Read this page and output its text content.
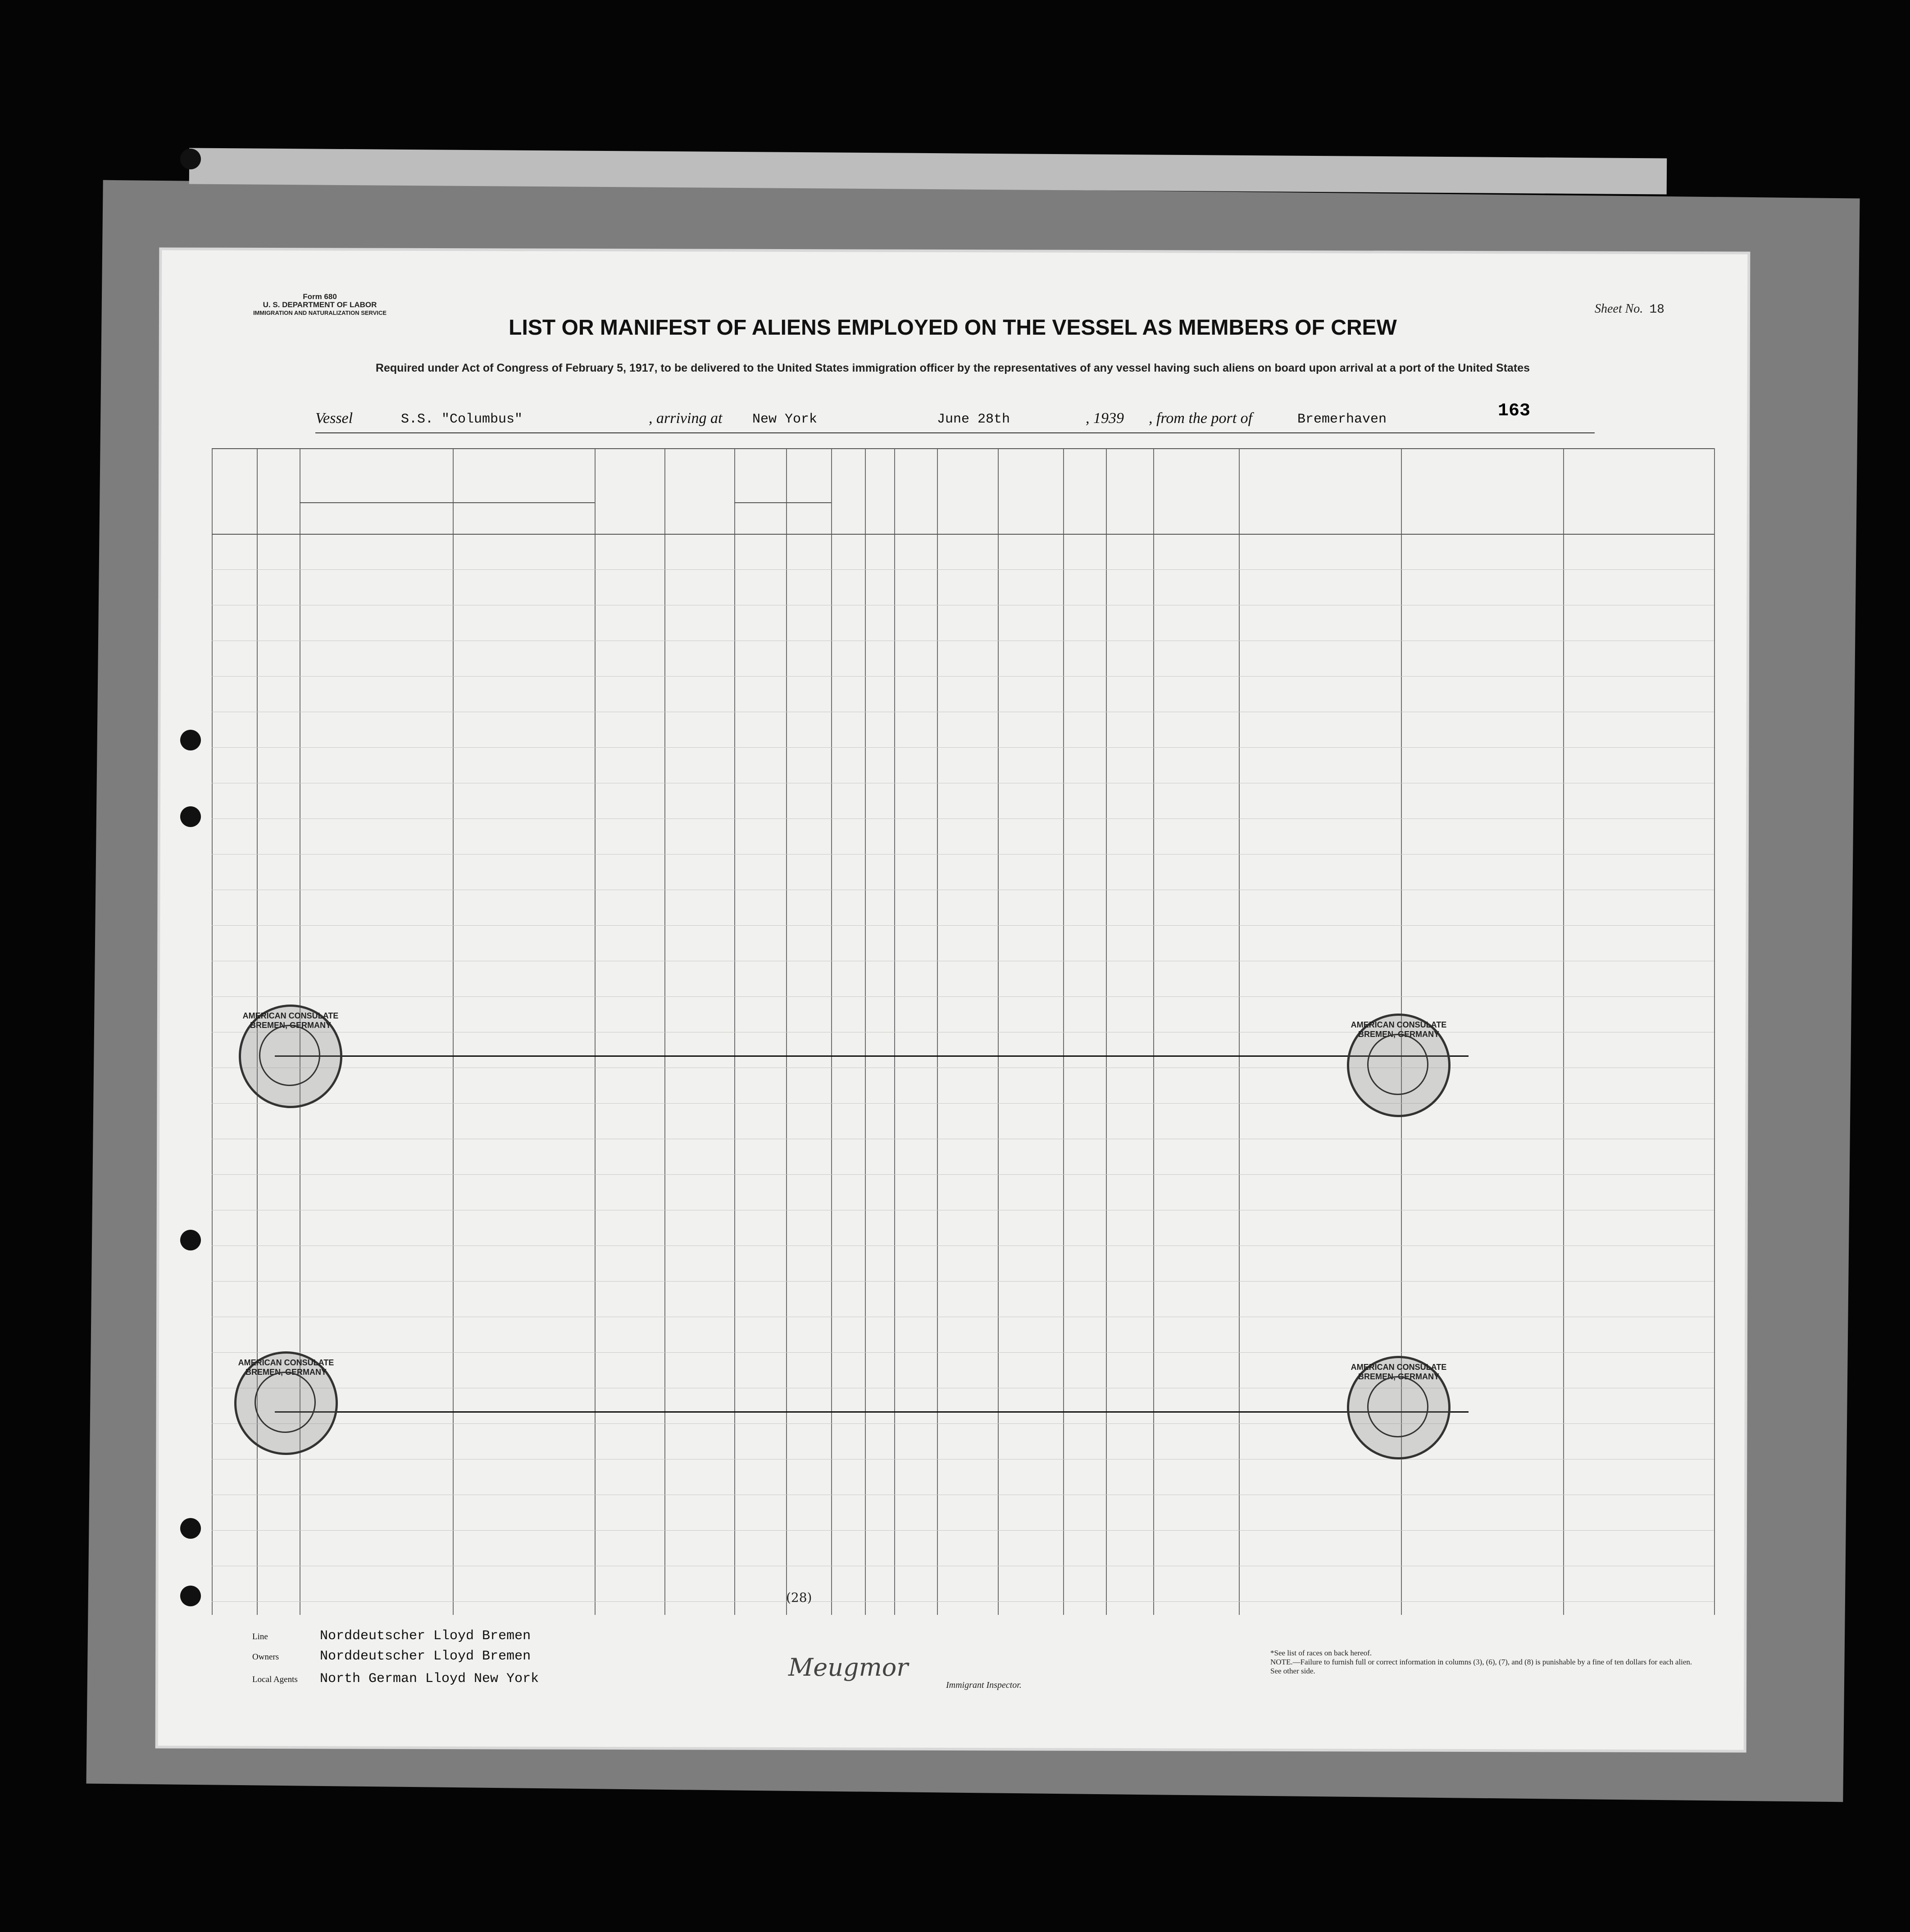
Form 680
U. S. DEPARTMENT OF LABOR
IMMIGRATION AND NATURALIZATION SERVICE	Sheet No. 18
LIST OR MANIFEST OF ALIENS EMPLOYED ON THE VESSEL AS MEMBERS OF CREW
Required under Act of Congress of February 5, 1917, to be delivered to the United States immigration officer by the representatives of any vessel having such aliens on board upon arrival at a port of the United States
163
Vessel	S.S. "Columbus"	, arriving at New York	June 28th	, 1939 , from the port of	Bremerhaven
AMERICAN CONSULATE BREMEN, GERMANY	AMERICAN CONSULATE BREMEN, GERMANY
AMERICAN CONSULATE BREMEN, GERMANY
AMERICAN CONSULATE BREMEN, GERMANY
(28)
Line	Norddeutscher Lloyd Bremen
Owners	Norddeutscher Lloyd Bremen
Local Agents North German Lloyd New York	Meugmor
Immigrant Inspector.
*See list of races on back hereof.
NOTE.—Failure to furnish full or correct information in columns (3), (6), (7), and (8) is punishable by a fine of ten dollars for each alien. See other side.
